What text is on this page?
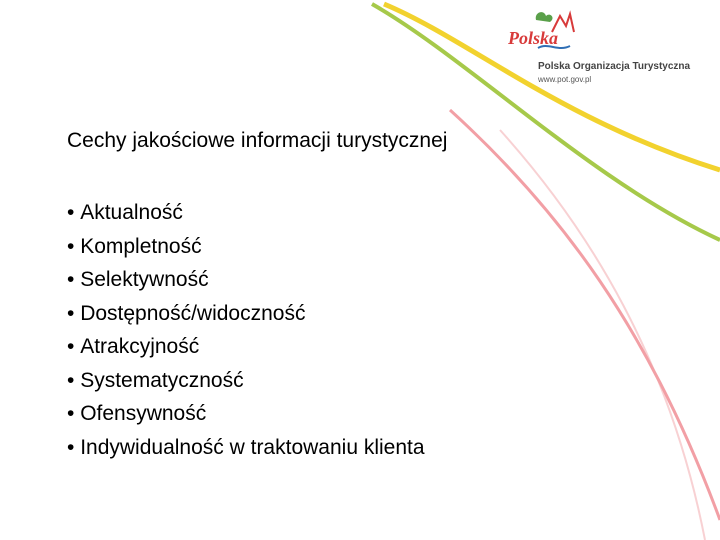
Polska
Polska Organizacja Turystyczna
www.pot.gov.pl
Cechy jakościowe informacji turystycznej
• Aktualność
• Kompletność
• Selektywność
• Dostępność/widoczność
• Atrakcyjność
• Systematyczność
• Ofensywność
• Indywidualność w traktowaniu klienta
